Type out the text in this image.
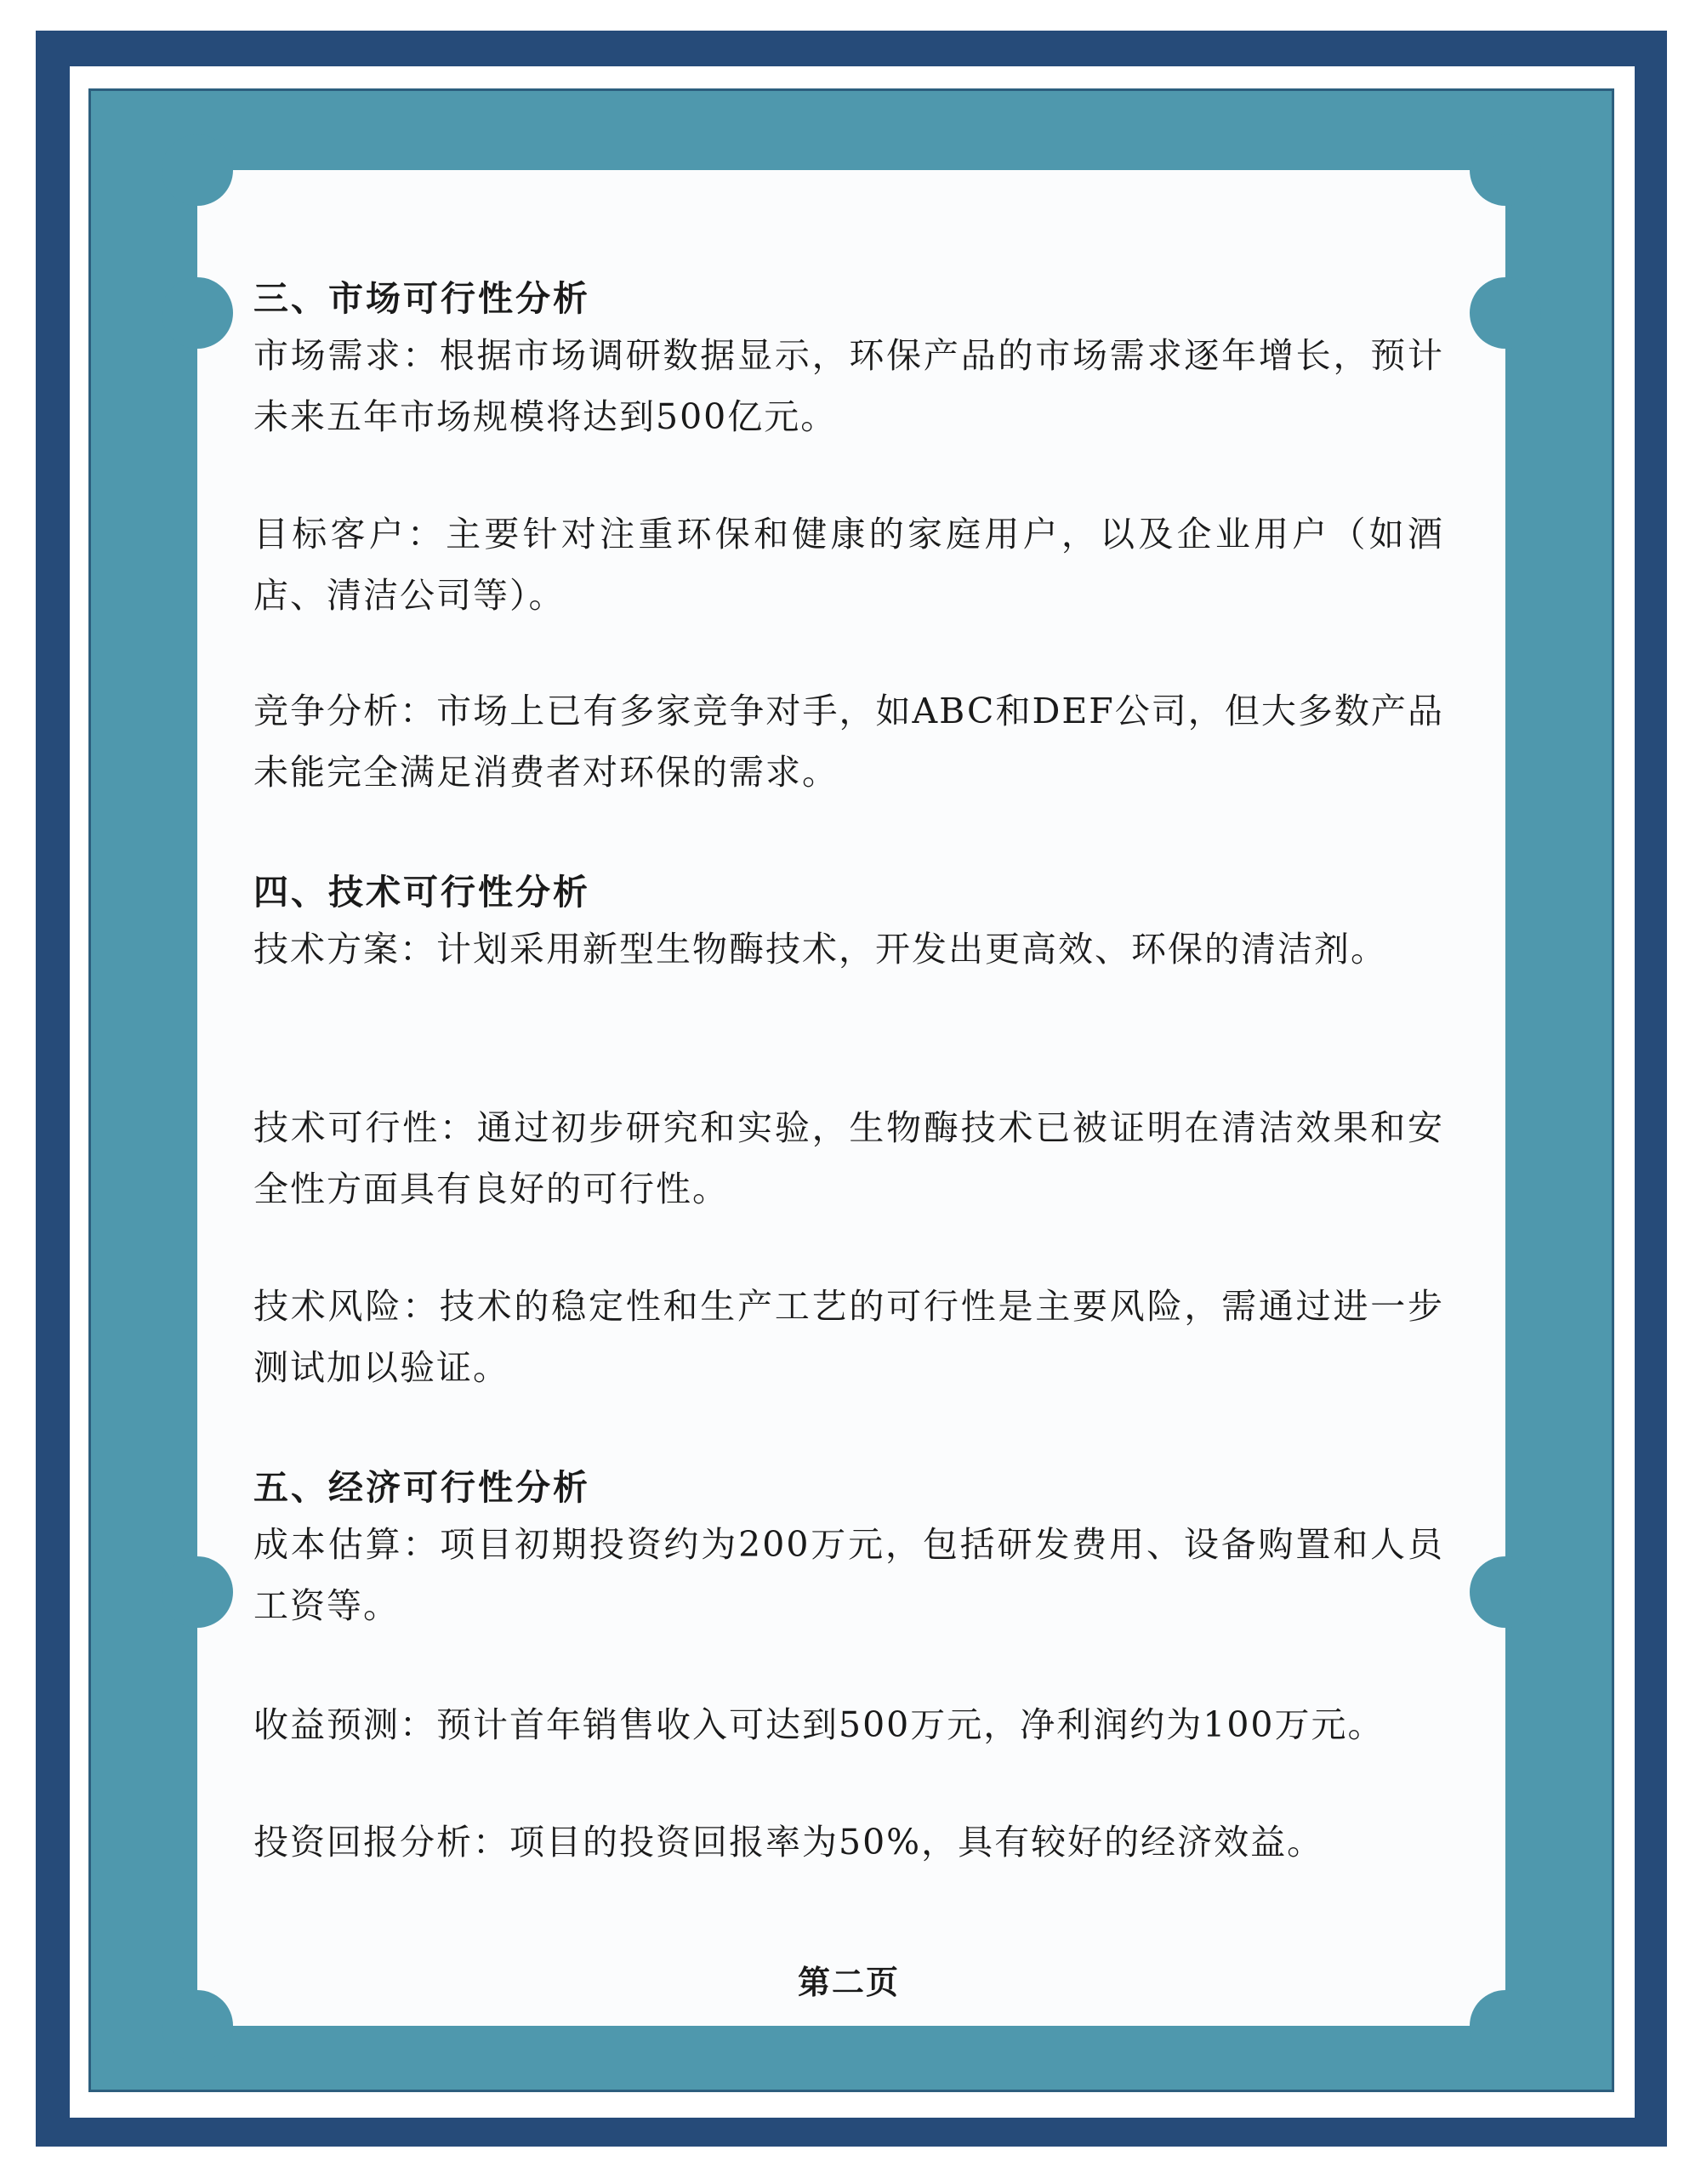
三、市场可行性分析
市场需求：根据市场调研数据显示，环保产品的市场需求逐年增长，预计未来五年市场规模将达到500亿元。
目标客户：主要针对注重环保和健康的家庭用户，以及企业用户（如酒店、清洁公司等）。
竞争分析：市场上已有多家竞争对手，如ABC和DEF公司，但大多数产品未能完全满足消费者对环保的需求。
四、技术可行性分析
技术方案：计划采用新型生物酶技术，开发出更高效、环保的清洁剂。
技术可行性：通过初步研究和实验，生物酶技术已被证明在清洁效果和安全性方面具有良好的可行性。
技术风险：技术的稳定性和生产工艺的可行性是主要风险，需通过进一步测试加以验证。
五、经济可行性分析
成本估算：项目初期投资约为200万元，包括研发费用、设备购置和人员工资等。
收益预测：预计首年销售收入可达到500万元，净利润约为100万元。
投资回报分析：项目的投资回报率为50%，具有较好的经济效益。
第二页
